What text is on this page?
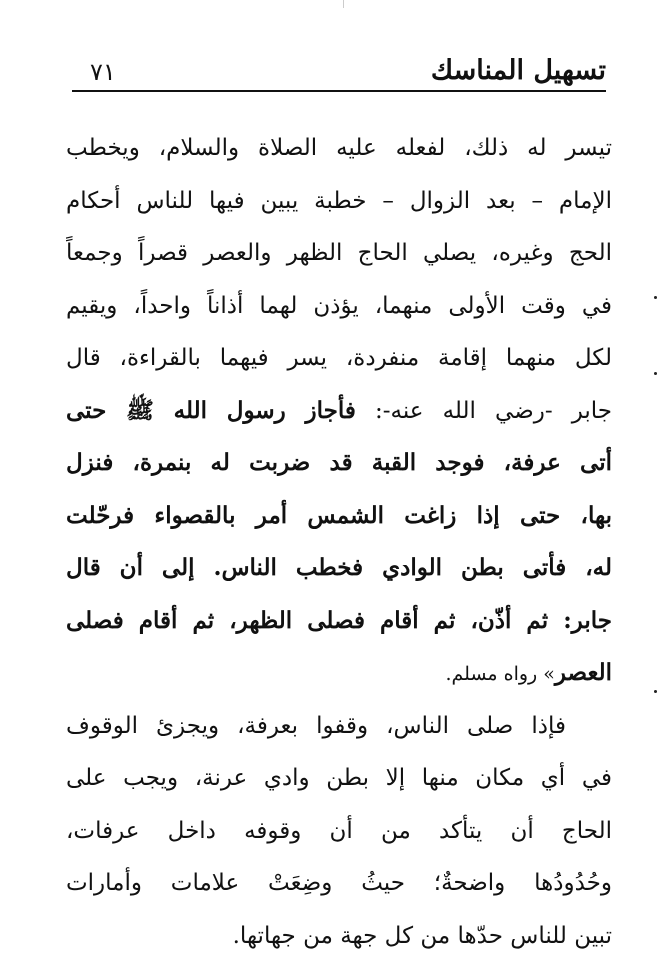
تسهيل المناسك
٧١
تيسر له ذلك، لفعله عليه الصلاة والسلام، ويخطب
الإمام – بعد الزوال – خطبة يبين فيها للناس أحكام
الحج وغيره، يصلي الحاج الظهر والعصر قصراً وجمعاً
في وقت الأولى منهما، يؤذن لهما أذاناً واحداً، ويقيم
لكل منهما إقامة منفردة، يسر فيهما بالقراءة، قال
جابر -رضي الله عنه-: فأجاز رسول الله ﷺ حتى
أتى عرفة، فوجد القبة قد ضربت له بنمرة، فنزل
بها، حتى إذا زاغت الشمس أمر بالقصواء فرحّلت
له، فأتى بطن الوادي فخطب الناس. إلى أن قال
جابر: ثم أذّن، ثم أقام فصلى الظهر، ثم أقام فصلى
العصر» رواه مسلم.
فإذا صلى الناس، وقفوا بعرفة، ويجزئ الوقوف
في أي مكان منها إلا بطن وادي عرنة، ويجب على
الحاج أن يتأكد من أن وقوفه داخل عرفات،
وحُدُودُها واضحةٌ؛ حيثُ وضِعَتْ علامات وأمارات
تبين للناس حدّها من كل جهة من جهاتها.
